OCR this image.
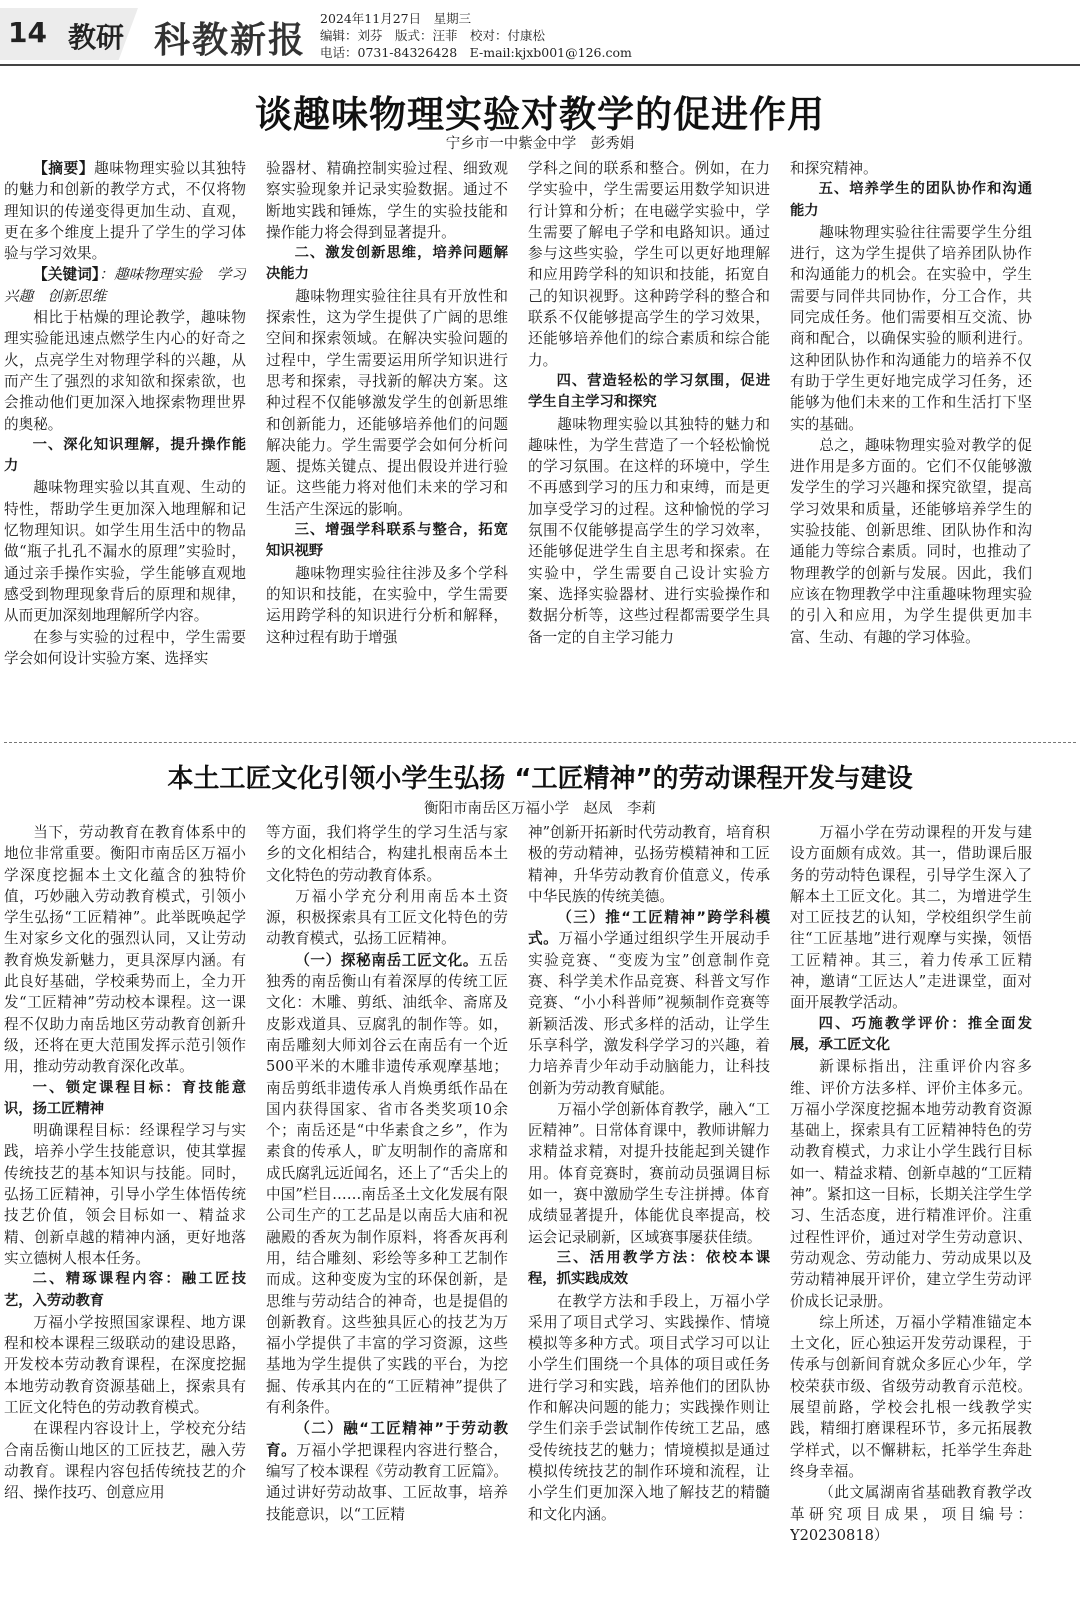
14 教研 科教新报
2024年11月27日　星期三
编辑：刘芬　版式：汪菲　校对：付康松
电话：0731-84326428　E-mail:kjxb001@126.com
谈趣味物理实验对教学的促进作用
宁乡市一中紫金中学　彭秀娟

【摘要】趣味物理实验以其独特的魅力和创新的教学方式，不仅将物理知识的传递变得更加生动、直观，更在多个维度上提升了学生的学习体验与学习效果。

【关键词】：趣味物理实验　学习兴趣　创新思维

相比于枯燥的理论教学，趣味物理实验能迅速点燃学生内心的好奇之火，点亮学生对物理学科的兴趣，从而产生了强烈的求知欲和探索欲，也会推动他们更加深入地探索物理世界的奥秘。

一、深化知识理解，提升操作能力

趣味物理实验以其直观、生动的特性，帮助学生更加深入地理解和记忆物理知识。如学生用生活中的物品做“瓶子扎孔不漏水的原理”实验时，通过亲手操作实验，学生能够直观地感受到物理现象背后的原理和规律，从而更加深刻地理解所学内容。

在参与实验的过程中，学生需要学会如何设计实验方案、选择实

验器材、精确控制实验过程、细致观察实验现象并记录实验数据。通过不断地实践和锤炼，学生的实验技能和操作能力将会得到显著提升。

二、激发创新思维，培养问题解决能力

趣味物理实验往往具有开放性和探索性，这为学生提供了广阔的思维空间和探索领域。在解决实验问题的过程中，学生需要运用所学知识进行思考和探索，寻找新的解决方案。这种过程不仅能够激发学生的创新思维和创新能力，还能够培养他们的问题解决能力。学生需要学会如何分析问题、提炼关键点、提出假设并进行验证。这些能力将对他们未来的学习和生活产生深远的影响。

三、增强学科联系与整合，拓宽知识视野

趣味物理实验往往涉及多个学科的知识和技能，在实验中，学生需要运用跨学科的知识进行分析和解释，这种过程有助于增强

学科之间的联系和整合。例如，在力学实验中，学生需要运用数学知识进行计算和分析；在电磁学实验中，学生需要了解电子学和电路知识。通过参与这些实验，学生可以更好地理解和应用跨学科的知识和技能，拓宽自己的知识视野。这种跨学科的整合和联系不仅能够提高学生的学习效果，还能够培养他们的综合素质和综合能力。

四、营造轻松的学习氛围，促进学生自主学习和探究

趣味物理实验以其独特的魅力和趣味性，为学生营造了一个轻松愉悦的学习氛围。在这样的环境中，学生不再感到学习的压力和束缚，而是更加享受学习的过程。这种愉悦的学习氛围不仅能够提高学生的学习效率，还能够促进学生自主思考和探索。在实验中，学生需要自己设计实验方案、选择实验器材、进行实验操作和数据分析等，这些过程都需要学生具备一定的自主学习能力

和探究精神。

五、培养学生的团队协作和沟通能力

趣味物理实验往往需要学生分组进行，这为学生提供了培养团队协作和沟通能力的机会。在实验中，学生需要与同伴共同协作，分工合作，共同完成任务。他们需要相互交流、协商和配合，以确保实验的顺利进行。这种团队协作和沟通能力的培养不仅有助于学生更好地完成学习任务，还能够为他们未来的工作和生活打下坚实的基础。

总之，趣味物理实验对教学的促进作用是多方面的。它们不仅能够激发学生的学习兴趣和探究欲望，提高学习效果和质量，还能够培养学生的实验技能、创新思维、团队协作和沟通能力等综合素质。同时，也推动了物理教学的创新与发展。因此，我们应该在物理教学中注重趣味物理实验的引入和应用，为学生提供更加丰富、生动、有趣的学习体验。

本土工匠文化引领小学生弘扬 “工匠精神”的劳动课程开发与建设
衡阳市南岳区万福小学　赵凤　李莉

当下，劳动教育在教育体系中的地位非常重要。衡阳市南岳区万福小学深度挖掘本土文化蕴含的独特价值，巧妙融入劳动教育模式，引领小学生弘扬“工匠精神”。此举既唤起学生对家乡文化的强烈认同，又让劳动教育焕发新魅力，更具深厚内涵。有此良好基础，学校乘势而上，全力开发“工匠精神”劳动校本课程。这一课程不仅助力南岳地区劳动教育创新升级，还将在更大范围发挥示范引领作用，推动劳动教育深化改革。

一、锁定课程目标：育技能意识，扬工匠精神

明确课程目标：经课程学习与实践，培养小学生技能意识，使其掌握传统技艺的基本知识与技能。同时，弘扬工匠精神，引导小学生体悟传统技艺价值，领会目标如一、精益求精、创新卓越的精神内涵，更好地落实立德树人根本任务。

二、精琢课程内容：融工匠技艺，入劳动教育

万福小学按照国家课程、地方课程和校本课程三级联动的建设思路，开发校本劳动教育课程，在深度挖掘本地劳动教育资源基础上，探索具有工匠文化特色的劳动教育模式。

在课程内容设计上，学校充分结合南岳衡山地区的工匠技艺，融入劳动教育。课程内容包括传统技艺的介绍、操作技巧、创意应用

等方面，我们将学生的学习生活与家乡的文化相结合，构建扎根南岳本土文化特色的劳动教育体系。

万福小学充分利用南岳本土资源，积极探索具有工匠文化特色的劳动教育模式，弘扬工匠精神。

（一）探秘南岳工匠文化。五岳独秀的南岳衡山有着深厚的传统工匠文化：木雕、剪纸、油纸伞、斋席及皮影戏道具、豆腐乳的制作等。如，南岳雕刻大师刘谷云在南岳有一个近500平米的木雕非遗传承观摩基地；南岳剪纸非遗传承人肖焕勇纸作品在国内获得国家、省市各类奖项10余个；南岳还是“中华素食之乡”，作为素食的传承人，旷友明制作的斋席和成氏腐乳远近闻名，还上了“舌尖上的中国”栏目……南岳圣土文化发展有限公司生产的工艺品是以南岳大庙和祝融殿的香灰为制作原料，将香灰再利用，结合雕刻、彩绘等多种工艺制作而成。这种变废为宝的环保创新，是思维与劳动结合的神奇，也是提倡的创新教育。这些独具匠心的技艺为万福小学提供了丰富的学习资源，这些基地为学生提供了实践的平台，为挖掘、传承其内在的“工匠精神”提供了有利条件。

（二）融“工匠精神”于劳动教育。万福小学把课程内容进行整合，编写了校本课程《劳动教育工匠篇》。通过讲好劳动故事、工匠故事，培养技能意识，以“工匠精

神”创新开拓新时代劳动教育，培育积极的劳动精神，弘扬劳模精神和工匠精神，升华劳动教育价值意义，传承中华民族的传统美德。

（三）推“工匠精神”跨学科模式。万福小学通过组织学生开展动手实验竞赛、“变废为宝”创意制作竞赛、科学美术作品竞赛、科普文写作竞赛、“小小科普师”视频制作竞赛等新颖活泼、形式多样的活动，让学生乐享科学，激发科学学习的兴趣，着力培养青少年动手动脑能力，让科技创新为劳动教育赋能。

万福小学创新体育教学，融入“工匠精神”。日常体育课中，教师讲解力求精益求精，对提升技能起到关键作用。体育竞赛时，赛前动员强调目标如一，赛中激励学生专注拼搏。体育成绩显著提升，体能优良率提高，校运会记录刷新，区域赛事屡获佳绩。

三、活用教学方法：依校本课程，抓实践成效

在教学方法和手段上，万福小学采用了项目式学习、实践操作、情境模拟等多种方式。项目式学习可以让小学生们围绕一个具体的项目或任务进行学习和实践，培养他们的团队协作和解决问题的能力；实践操作则让学生们亲手尝试制作传统工艺品，感受传统技艺的魅力；情境模拟是通过模拟传统技艺的制作环境和流程，让小学生们更加深入地了解技艺的精髓和文化内涵。

万福小学在劳动课程的开发与建设方面颇有成效。其一，借助课后服务的劳动特色课程，引导学生深入了解本土工匠文化。其二，为增进学生对工匠技艺的认知，学校组织学生前往“工匠基地”进行观摩与实操，领悟工匠精神。其三，着力传承工匠精神，邀请“工匠达人”走进课堂，面对面开展教学活动。

四、巧施教学评价：推全面发展，承工匠文化

新课标指出，注重评价内容多维、评价方法多样、评价主体多元。万福小学深度挖掘本地劳动教育资源基础上，探索具有工匠精神特色的劳动教育模式，力求让小学生践行目标如一、精益求精、创新卓越的“工匠精神”。紧扣这一目标，长期关注学生学习、生活态度，进行精准评价。注重过程性评价，通过对学生劳动意识、劳动观念、劳动能力、劳动成果以及劳动精神展开评价，建立学生劳动评价成长记录册。

综上所述，万福小学精准锚定本土文化，匠心独运开发劳动课程，于传承与创新间育就众多匠心少年，学校荣获市级、省级劳动教育示范校。展望前路，学校会扎根一线教学实践，精细打磨课程环节，多元拓展教学样式，以不懈耕耘，托举学生奔赴终身幸福。

（此文属湖南省基础教育教学改革研究项目成果，项目编号：Y20230818）
